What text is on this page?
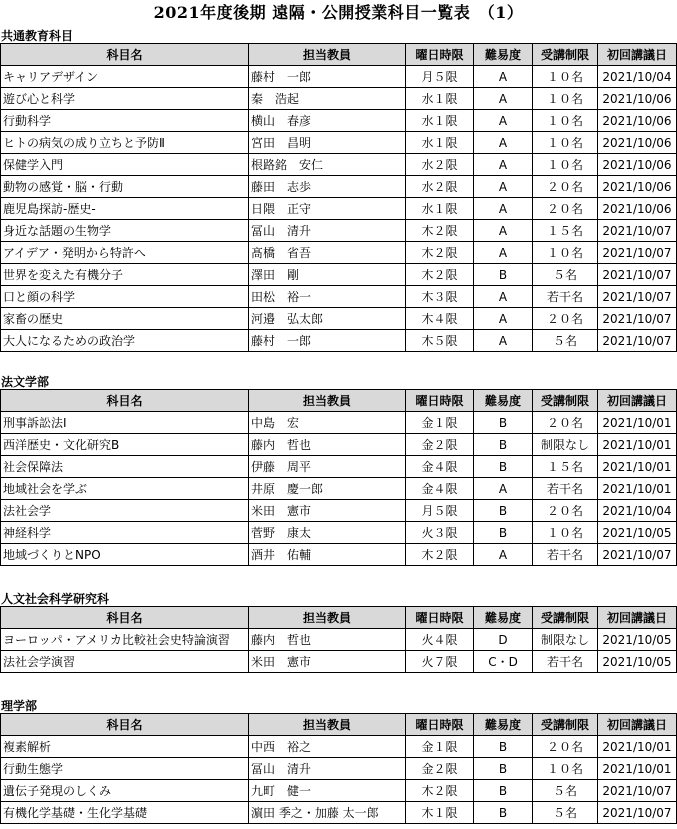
2021年度後期 遠隔・公開授業科目一覧表　（1）
共通教育科目
科目名	担当教員	曜日時限	難易度	受講制限	初回講議日
キャリアデザイン	藤村　一郎	月５限	A	１０名	2021/10/04
遊び心と科学	秦　浩起	水１限	A	１０名	2021/10/06
行動科学	横山　春彦	水１限	A	１０名	2021/10/06
ヒトの病気の成り立ちと予防Ⅱ	宮田　昌明	水１限	A	１０名	2021/10/06
保健学入門	根路銘　安仁	水２限	A	１０名	2021/10/06
動物の感覚・脳・行動	藤田　志歩	水２限	A	２０名	2021/10/06
鹿児島探訪-歴史-	日隈　正守	水１限	A	２０名	2021/10/06
身近な話題の生物学	冨山　清升	木２限	A	１５名	2021/10/07
アイデア・発明から特許へ	髙橋　省吾	木２限	A	１０名	2021/10/07
世界を変えた有機分子	澤田　剛	木２限	B	５名	2021/10/07
口と顔の科学	田松　裕一	木３限	A	若干名	2021/10/07
家畜の歴史	河邉　弘太郎	木４限	A	２０名	2021/10/07
大人になるための政治学	藤村　一郎	木５限	A	５名	2021/10/07
法文学部
科目名	担当教員	曜日時限	難易度	受講制限	初回講議日
刑事訴訟法Ⅰ	中島　宏	金１限	B	２０名	2021/10/01
西洋歴史・文化研究B	藤内　哲也	金２限	B	制限なし	2021/10/01
社会保障法	伊藤　周平	金４限	B	１５名	2021/10/01
地域社会を学ぶ	井原　慶一郎	金４限	A	若干名	2021/10/01
法社会学	米田　憲市	月５限	B	２０名	2021/10/04
神経科学	菅野　康太	火３限	B	１０名	2021/10/05
地域づくりとNPO	酒井　佑輔	木２限	A	若干名	2021/10/07
人文社会科学研究科
科目名	担当教員	曜日時限	難易度	受講制限	初回講議日
ヨーロッパ・アメリカ比較社会史特論演習	藤内　哲也	火４限	D	制限なし	2021/10/05
法社会学演習	米田　憲市	火７限	C・D	若干名	2021/10/05
理学部
科目名	担当教員	曜日時限	難易度	受講制限	初回講議日
複素解析	中西　裕之	金１限	B	２０名	2021/10/01
行動生態学	冨山　清升	金２限	B	１０名	2021/10/01
遺伝子発現のしくみ	九町　健一	木２限	B	５名	2021/10/07
有機化学基礎・生化学基礎	濵田 季之・加藤 太一郎	木１限	B	５名	2021/10/07
